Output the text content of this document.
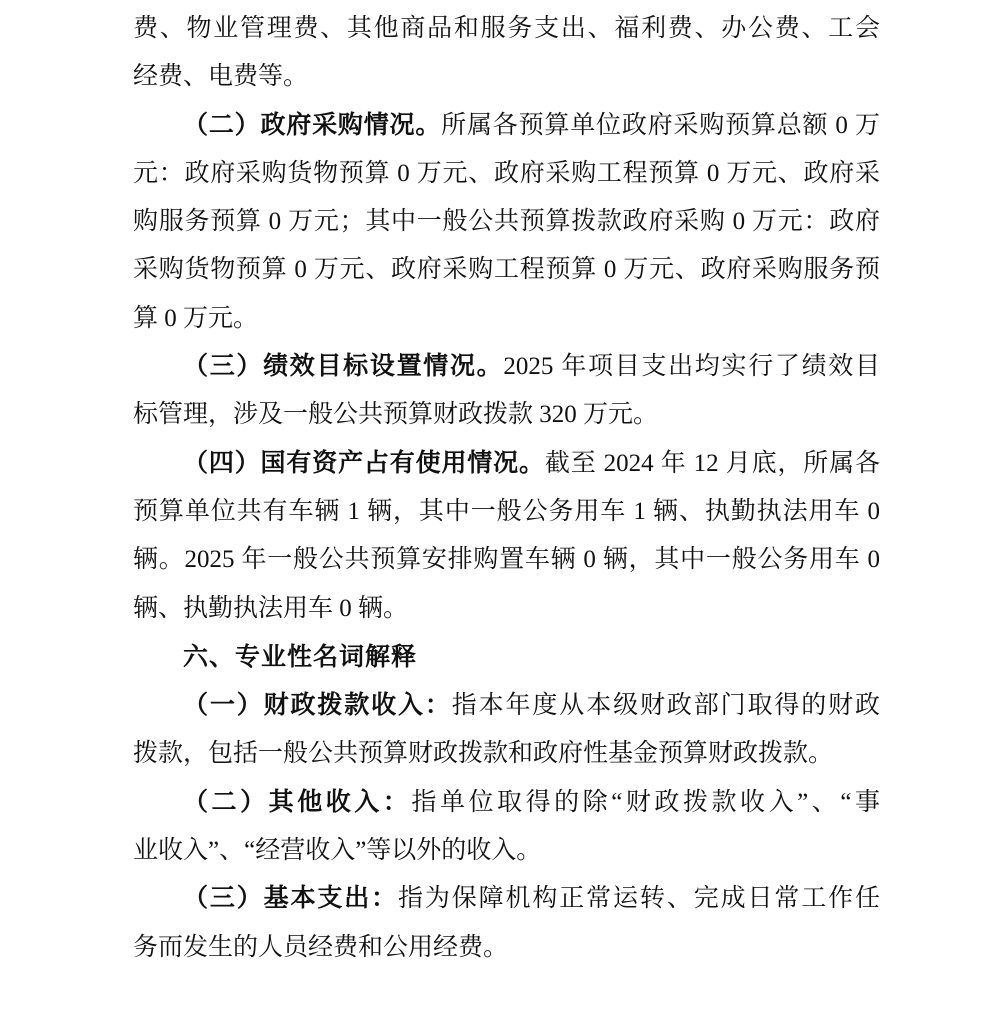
费、物业管理费、其他商品和服务支出、福利费、办公费、工会
经费、电费等。
（二）政府采购情况。所属各预算单位政府采购预算总额 0 万
元：政府采购货物预算 0 万元、政府采购工程预算 0 万元、政府采
购服务预算 0 万元；其中一般公共预算拨款政府采购 0 万元：政府
采购货物预算 0 万元、政府采购工程预算 0 万元、政府采购服务预
算 0 万元。
（三）绩效目标设置情况。2025 年项目支出均实行了绩效目
标管理，涉及一般公共预算财政拨款 320 万元。
（四）国有资产占有使用情况。截至 2024 年 12 月底，所属各
预算单位共有车辆 1 辆，其中一般公务用车 1 辆、执勤执法用车 0
辆。2025 年一般公共预算安排购置车辆 0 辆，其中一般公务用车 0
辆、执勤执法用车 0 辆。
六、专业性名词解释
（一）财政拨款收入：指本年度从本级财政部门取得的财政
拨款，包括一般公共预算财政拨款和政府性基金预算财政拨款。
（二）其他收入：指单位取得的除“财政拨款收入”、“事
业收入”、“经营收入”等以外的收入。
（三）基本支出：指为保障机构正常运转、完成日常工作任
务而发生的人员经费和公用经费。
